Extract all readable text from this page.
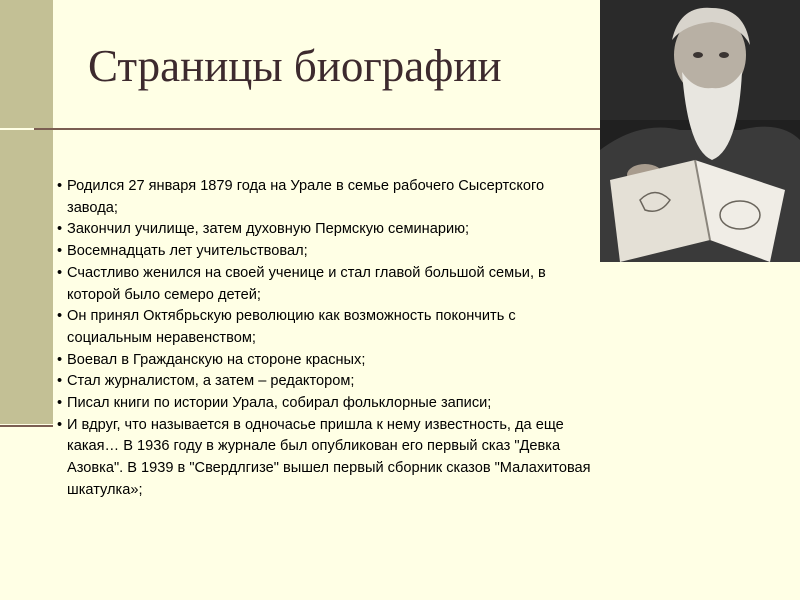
Страницы биографии
• Родился 27 января 1879 года на Урале в семье рабочего Сысертского завода;
• Закончил училище, затем духовную Пермскую семинарию;
• Восемнадцать лет учительствовал;
• Счастливо женился на своей ученице и стал главой большой семьи, в которой было семеро детей;
• Он принял Октябрьскую революцию как возможность покончить с социальным неравенством;
• Воевал в Гражданскую на стороне красных;
• Стал журналистом, а затем – редактором;
• Писал книги по истории Урала, собирал фольклорные записи;
• И вдруг, что называется в одночасье пришла к нему известность, да еще какая… В 1936 году в журнале был опубликован его первый сказ "Девка Азовка". В 1939 в "Свердлгизе" вышел первый сборник сказов "Малахитовая шкатулка»;
